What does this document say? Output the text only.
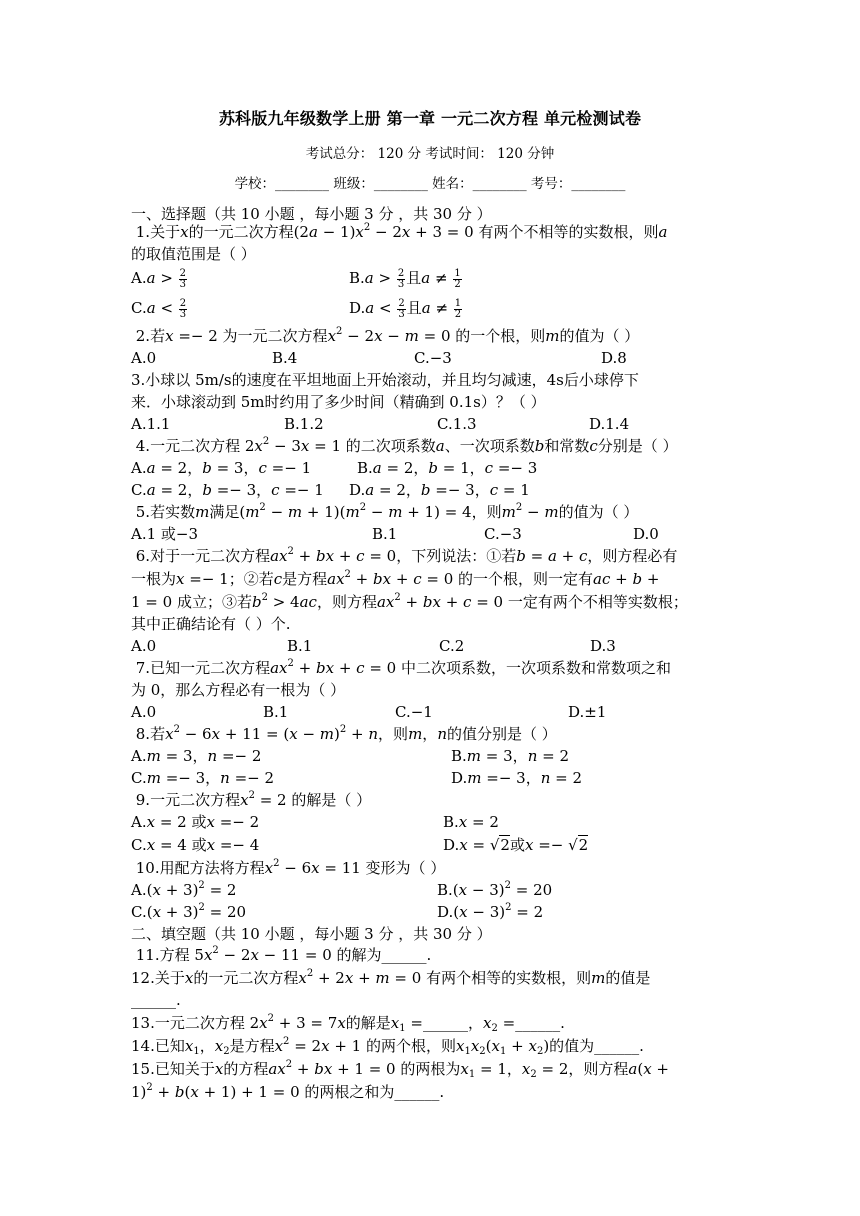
苏科版九年级数学上册 第一章 一元二次方程 单元检测试卷
考试总分： 120 分 考试时间： 120 分钟
学校：________ 班级：________ 姓名：________ 考号：________
一、选择题（共 10 小题 ，每小题 3 分 ，共 30 分 ）
1.关于x的一元二次方程$(2a - 1)x^2 - 2x + 3 = 0$ 有两个不相等的实数根，则a
的取值范围是（ ）
$A.a > \frac{2}{3}$	$B.a > \frac{2}{3}$ 且$a \ne \frac{1}{2}$
$C.a < \frac{2}{3}$	$D.a < \frac{2}{3}$ 且$a \ne \frac{1}{2}$
2.若x =− 2 为一元二次方程$x^2 - 2x - m = 0$ 的一个根，则m的值为（ ）
A.0	B.4	C.−3	D.8
3.小球以 5m/s的速度在平坦地面上开始滚动，并且均匀减速，4s后小球停下
来．小球滚动到 5m时约用了多少时间（精确到 0.1s）？（ ）
A.1.1	B.1.2	C.1.3	D.1.4
4.一元二次方程 $2x^2 - 3x = 1$ 的二次项系数a、一次项系数b和常数c分别是（ ）
A.a = 2，b = 3，c =− 1	B.a = 2，b = 1，c =− 3
C.a = 2，b =− 3，c =− 1 D.a = 2，b =− 3，c = 1
5.若实数m满足$(m^2 - m + 1)(m^2 - m + 1) = 4$，则$m^2 - m$的值为（ ）
A.1 或−3	B.1	C.−3	D.0
6.对于一元二次方程$ax^2$ + bx + c = 0，下列说法：①若b = a + c，则方程必有
一根为x =− 1；②若c是方程$ax^2$ + bx + c = 0 的一个根，则一定有ac + b +
1 = 0 成立；③若$b^2 > 4ac$，则方程$ax^2$ + bx + c = 0 一定有两个不相等实数根；
其中正确结论有（ ）个.
A.0	B.1	C.2	D.3
7.已知一元二次方程$ax^2$ + bx + c = 0 中二次项系数，一次项系数和常数项之和
为 0，那么方程必有一根为（ ）
A.0	B.1	C.−1	D.±1
8.若$x^2 - 6x + 11 = (x - m)^2 + n$，则m，n的值分别是（ ）
A.m = 3，n =− 2	B.m = 3，n = 2
C.m =− 3，n =− 2	D.m =− 3，n = 2
9.一元二次方程$x^2 = 2$ 的解是（ ）
A.x = 2 或x =− 2	B.x = 2
C.x = 4 或x =− 4	D.x = √2或x =− √2
10.用配方法将方程$x^2 - 6x = 11$ 变形为（ ）
$A.(x + 3)^2 = 2$	$B.(x - 3)^2 = 20$
$C.(x + 3)^2 = 20$	$D.(x - 3)^2 = 2$
二、填空题（共 10 小题 ，每小题 3 分 ，共 30 分 ）
11.方程 $5x^2 - 2x - 11 = 0$ 的解为______.
12.关于x的一元二次方程$x^2 + 2x + m = 0$ 有两个相等的实数根，则m的值是
______.
13.一元二次方程 $2x^2 + 3 = 7x$的解是$x_1$ =______，$x_2$ =______.
14.已知$x_1$，$x_2$是方程$x^2 = 2x + 1$ 的两个根，则$x_1x_2(x_1 + x_2)$的值为______.
15.已知关于x的方程$ax^2$ + bx + 1 = 0 的两根为$x_1 = 1$，$x_2 = 2$，则方程a(x +
1)$^2$ + b(x + 1) + 1 = 0 的两根之和为______.
